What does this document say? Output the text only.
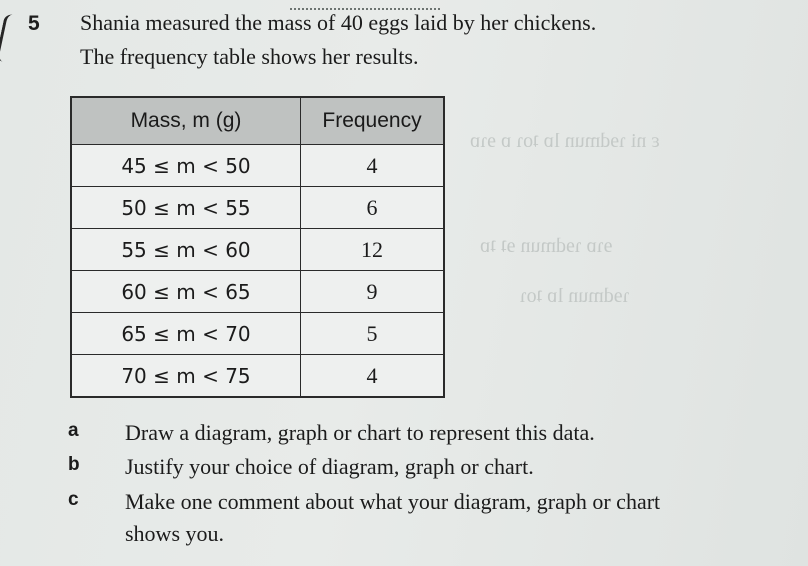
ε ni ɿɘdmun lɒ ʇoɿ ɒ ɘɿɒ
ɘɿɒ ɿɘdmun ɘʇ ʇɒ
ɿɘdmun lɒ ʇoɿ
5 Shania measured the mass of 40 eggs laid by her chickens.
The frequency table shows her results.
Mass, m (g)	Frequency
45 ≤ m < 50	4
50 ≤ m < 55	6
55 ≤ m < 60	12
60 ≤ m < 65	9
65 ≤ m < 70	5
70 ≤ m < 75	4
a Draw a diagram, graph or chart to represent this data.
b Justify your choice of diagram, graph or chart.
c Make one comment about what your diagram, graph or chart
shows you.
